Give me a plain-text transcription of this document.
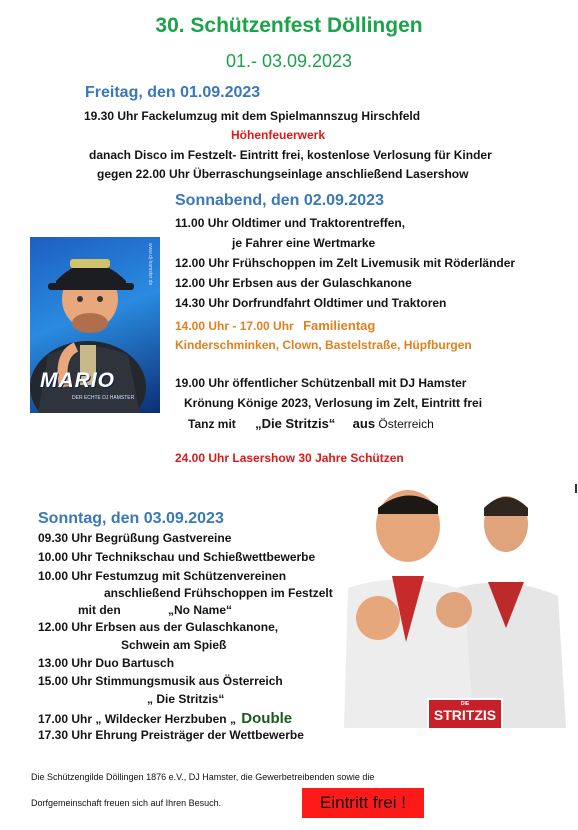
30. Schützenfest Döllingen
01.- 03.09.2023
Freitag, den 01.09.2023
19.30 Uhr Fackelumzug mit dem Spielmannszug Hirschfeld
Höhenfeuerwerk
danach Disco im Festzelt- Eintritt frei, kostenlose Verlosung für Kinder
gegen 22.00 Uhr Überraschungseinlage anschließend Lasershow
Sonnabend, den 02.09.2023
11.00 Uhr Oldtimer und Traktorentreffen,
je Fahrer eine Wertmarke
12.00 Uhr Frühschoppen im Zelt Livemusik mit Röderländer
12.00 Uhr Erbsen aus der Gulaschkanone
14.30 Uhr Dorfrundfahrt Oldtimer und Traktoren
14.00 Uhr - 17.00 Uhr Familientag
Kinderschminken, Clown, Bastelstraße, Hüpfburgen
19.00 Uhr öffentlicher Schützenball mit DJ Hamster
Krönung Könige 2023, Verlosung im Zelt, Eintritt frei
Tanz mit „Die Stritzis“ aus Österreich
24.00 Uhr Lasershow 30 Jahre Schützen
MARIO
DER ECHTE DJ HAMSTER
www.dj-hamster.de
Sonntag, den 03.09.2023
09.30 Uhr Begrüßung Gastvereine
10.00 Uhr Technikschau und Schießwettbewerbe
10.00 Uhr Festumzug mit Schützenvereinen
anschließend Frühschoppen im Festzelt
mit den	„No Name“
12.00 Uhr Erbsen aus der Gulaschkanone,
Schwein am Spieß
13.00 Uhr Duo Bartusch
15.00 Uhr Stimmungsmusik aus Österreich
„ Die Stritzis“
17.00 Uhr „ Wildecker Herzbuben „ Double
17.30 Uhr Ehrung Preisträger der Wettbewerbe
DIE
STRITZIS
Die Schützengilde Döllingen 1876 e.V., DJ Hamster, die Gewerbetreibenden sowie die
Dorfgemeinschaft freuen sich auf Ihren Besuch.	Eintritt frei !
